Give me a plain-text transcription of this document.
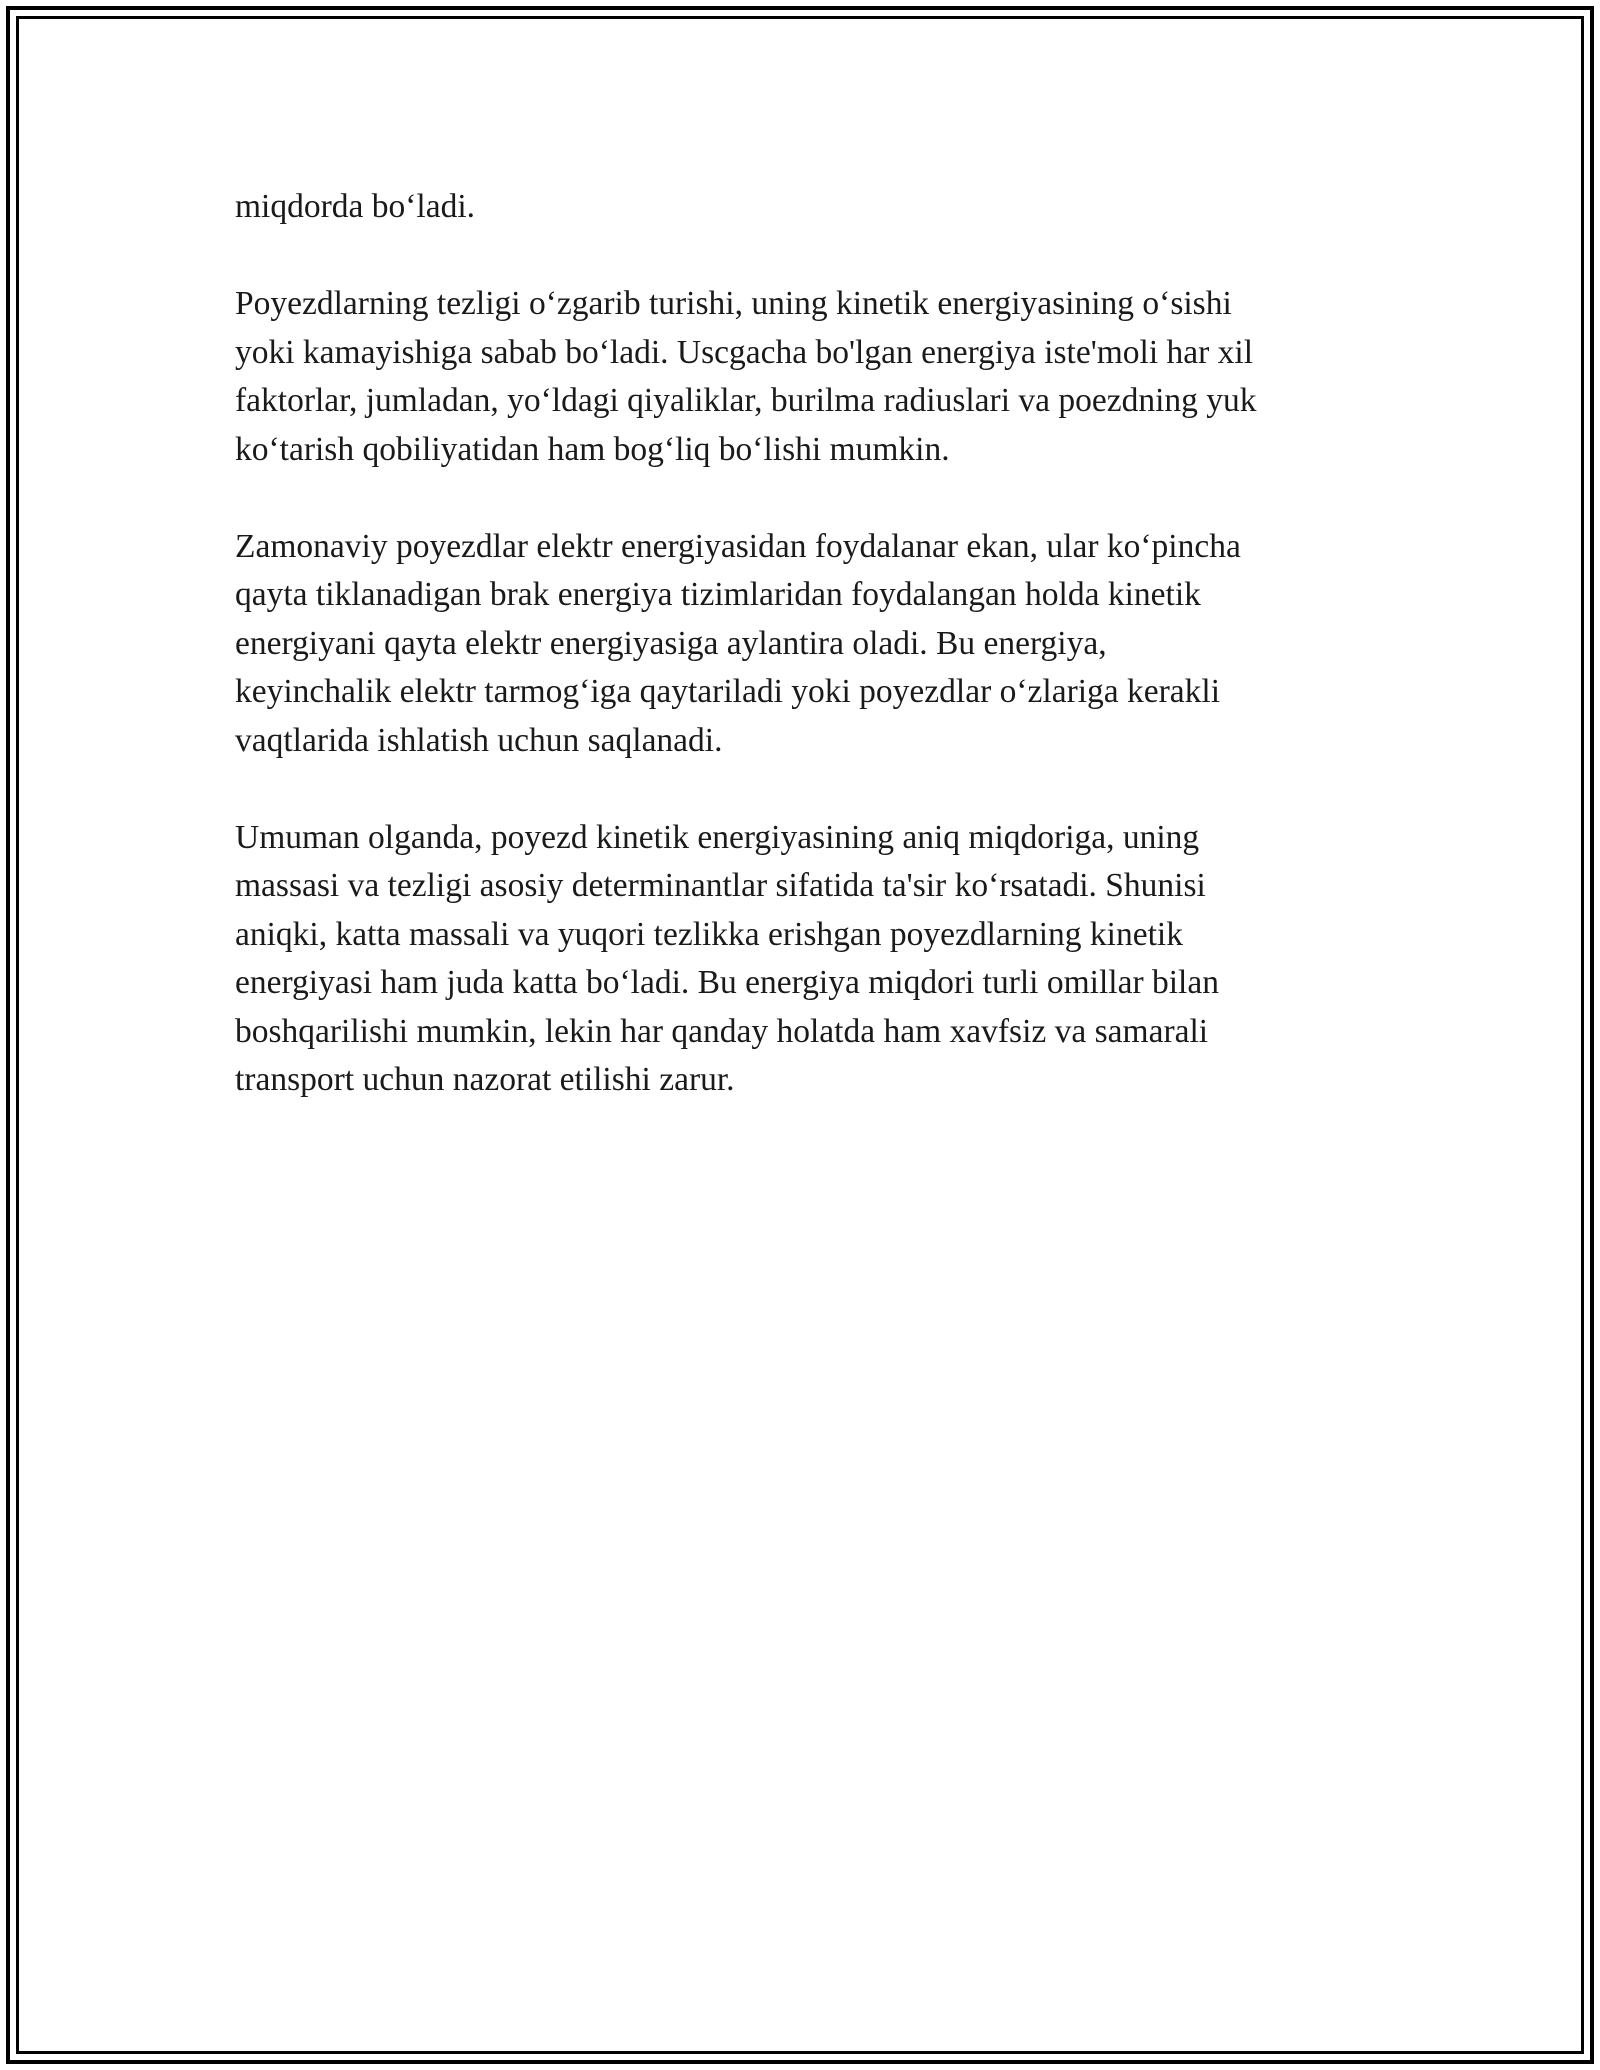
miqdorda bo‘ladi.

Poyezdlarning tezligi o‘zgarib turishi, uning kinetik energiyasining o‘sishi
yoki kamayishiga sabab bo‘ladi. Uscgacha bo'lgan energiya iste'moli har xil
faktorlar, jumladan, yo‘ldagi qiyaliklar, burilma radiuslari va poezdning yuk
ko‘tarish qobiliyatidan ham bog‘liq bo‘lishi mumkin.

Zamonaviy poyezdlar elektr energiyasidan foydalanar ekan, ular ko‘pincha
qayta tiklanadigan brak energiya tizimlaridan foydalangan holda kinetik
energiyani qayta elektr energiyasiga aylantira oladi. Bu energiya,
keyinchalik elektr tarmog‘iga qaytariladi yoki poyezdlar o‘zlariga kerakli
vaqtlarida ishlatish uchun saqlanadi.

Umuman olganda, poyezd kinetik energiyasining aniq miqdoriga, uning
massasi va tezligi asosiy determinantlar sifatida ta'sir ko‘rsatadi. Shunisi
aniqki, katta massali va yuqori tezlikka erishgan poyezdlarning kinetik
energiyasi ham juda katta bo‘ladi. Bu energiya miqdori turli omillar bilan
boshqarilishi mumkin, lekin har qanday holatda ham xavfsiz va samarali
transport uchun nazorat etilishi zarur.
